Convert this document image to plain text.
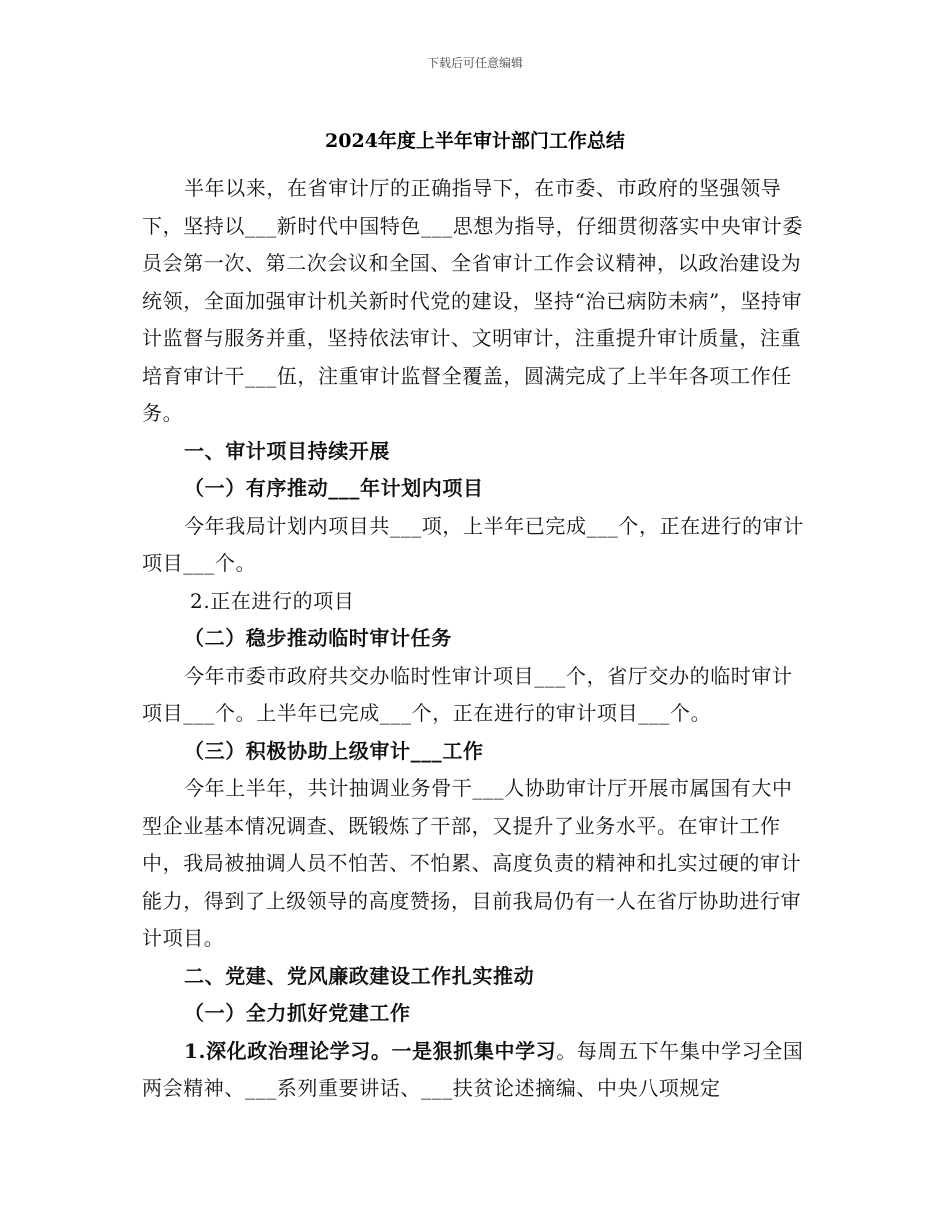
下载后可任意编辑
2024年度上半年审计部门工作总结

半年以来，在省审计厅的正确指导下，在市委、市政府的坚强领导下，坚持以___新时代中国特色___思想为指导，仔细贯彻落实中央审计委员会第一次、第二次会议和全国、全省审计工作会议精神，以政治建设为统领，全面加强审计机关新时代党的建设，坚持“治已病防未病”，坚持审计监督与服务并重，坚持依法审计、文明审计，注重提升审计质量，注重培育审计干___伍，注重审计监督全覆盖，圆满完成了上半年各项工作任务。

一、审计项目持续开展

（一）有序推动___年计划内项目

今年我局计划内项目共___项，上半年已完成___个，正在进行的审计项目___个。

2.正在进行的项目

（二）稳步推动临时审计任务

今年市委市政府共交办临时性审计项目___个，省厅交办的临时审计项目___个。上半年已完成___个，正在进行的审计项目___个。

（三）积极协助上级审计___工作

今年上半年，共计抽调业务骨干___人协助审计厅开展市属国有大中型企业基本情况调查、既锻炼了干部，又提升了业务水平。在审计工作中，我局被抽调人员不怕苦、不怕累、高度负责的精神和扎实过硬的审计能力，得到了上级领导的高度赞扬，目前我局仍有一人在省厅协助进行审计项目。

二、党建、党风廉政建设工作扎实推动

（一）全力抓好党建工作

1.深化政治理论学习。一是狠抓集中学习。每周五下午集中学习全国两会精神、___系列重要讲话、___扶贫论述摘编、中央八项规定
